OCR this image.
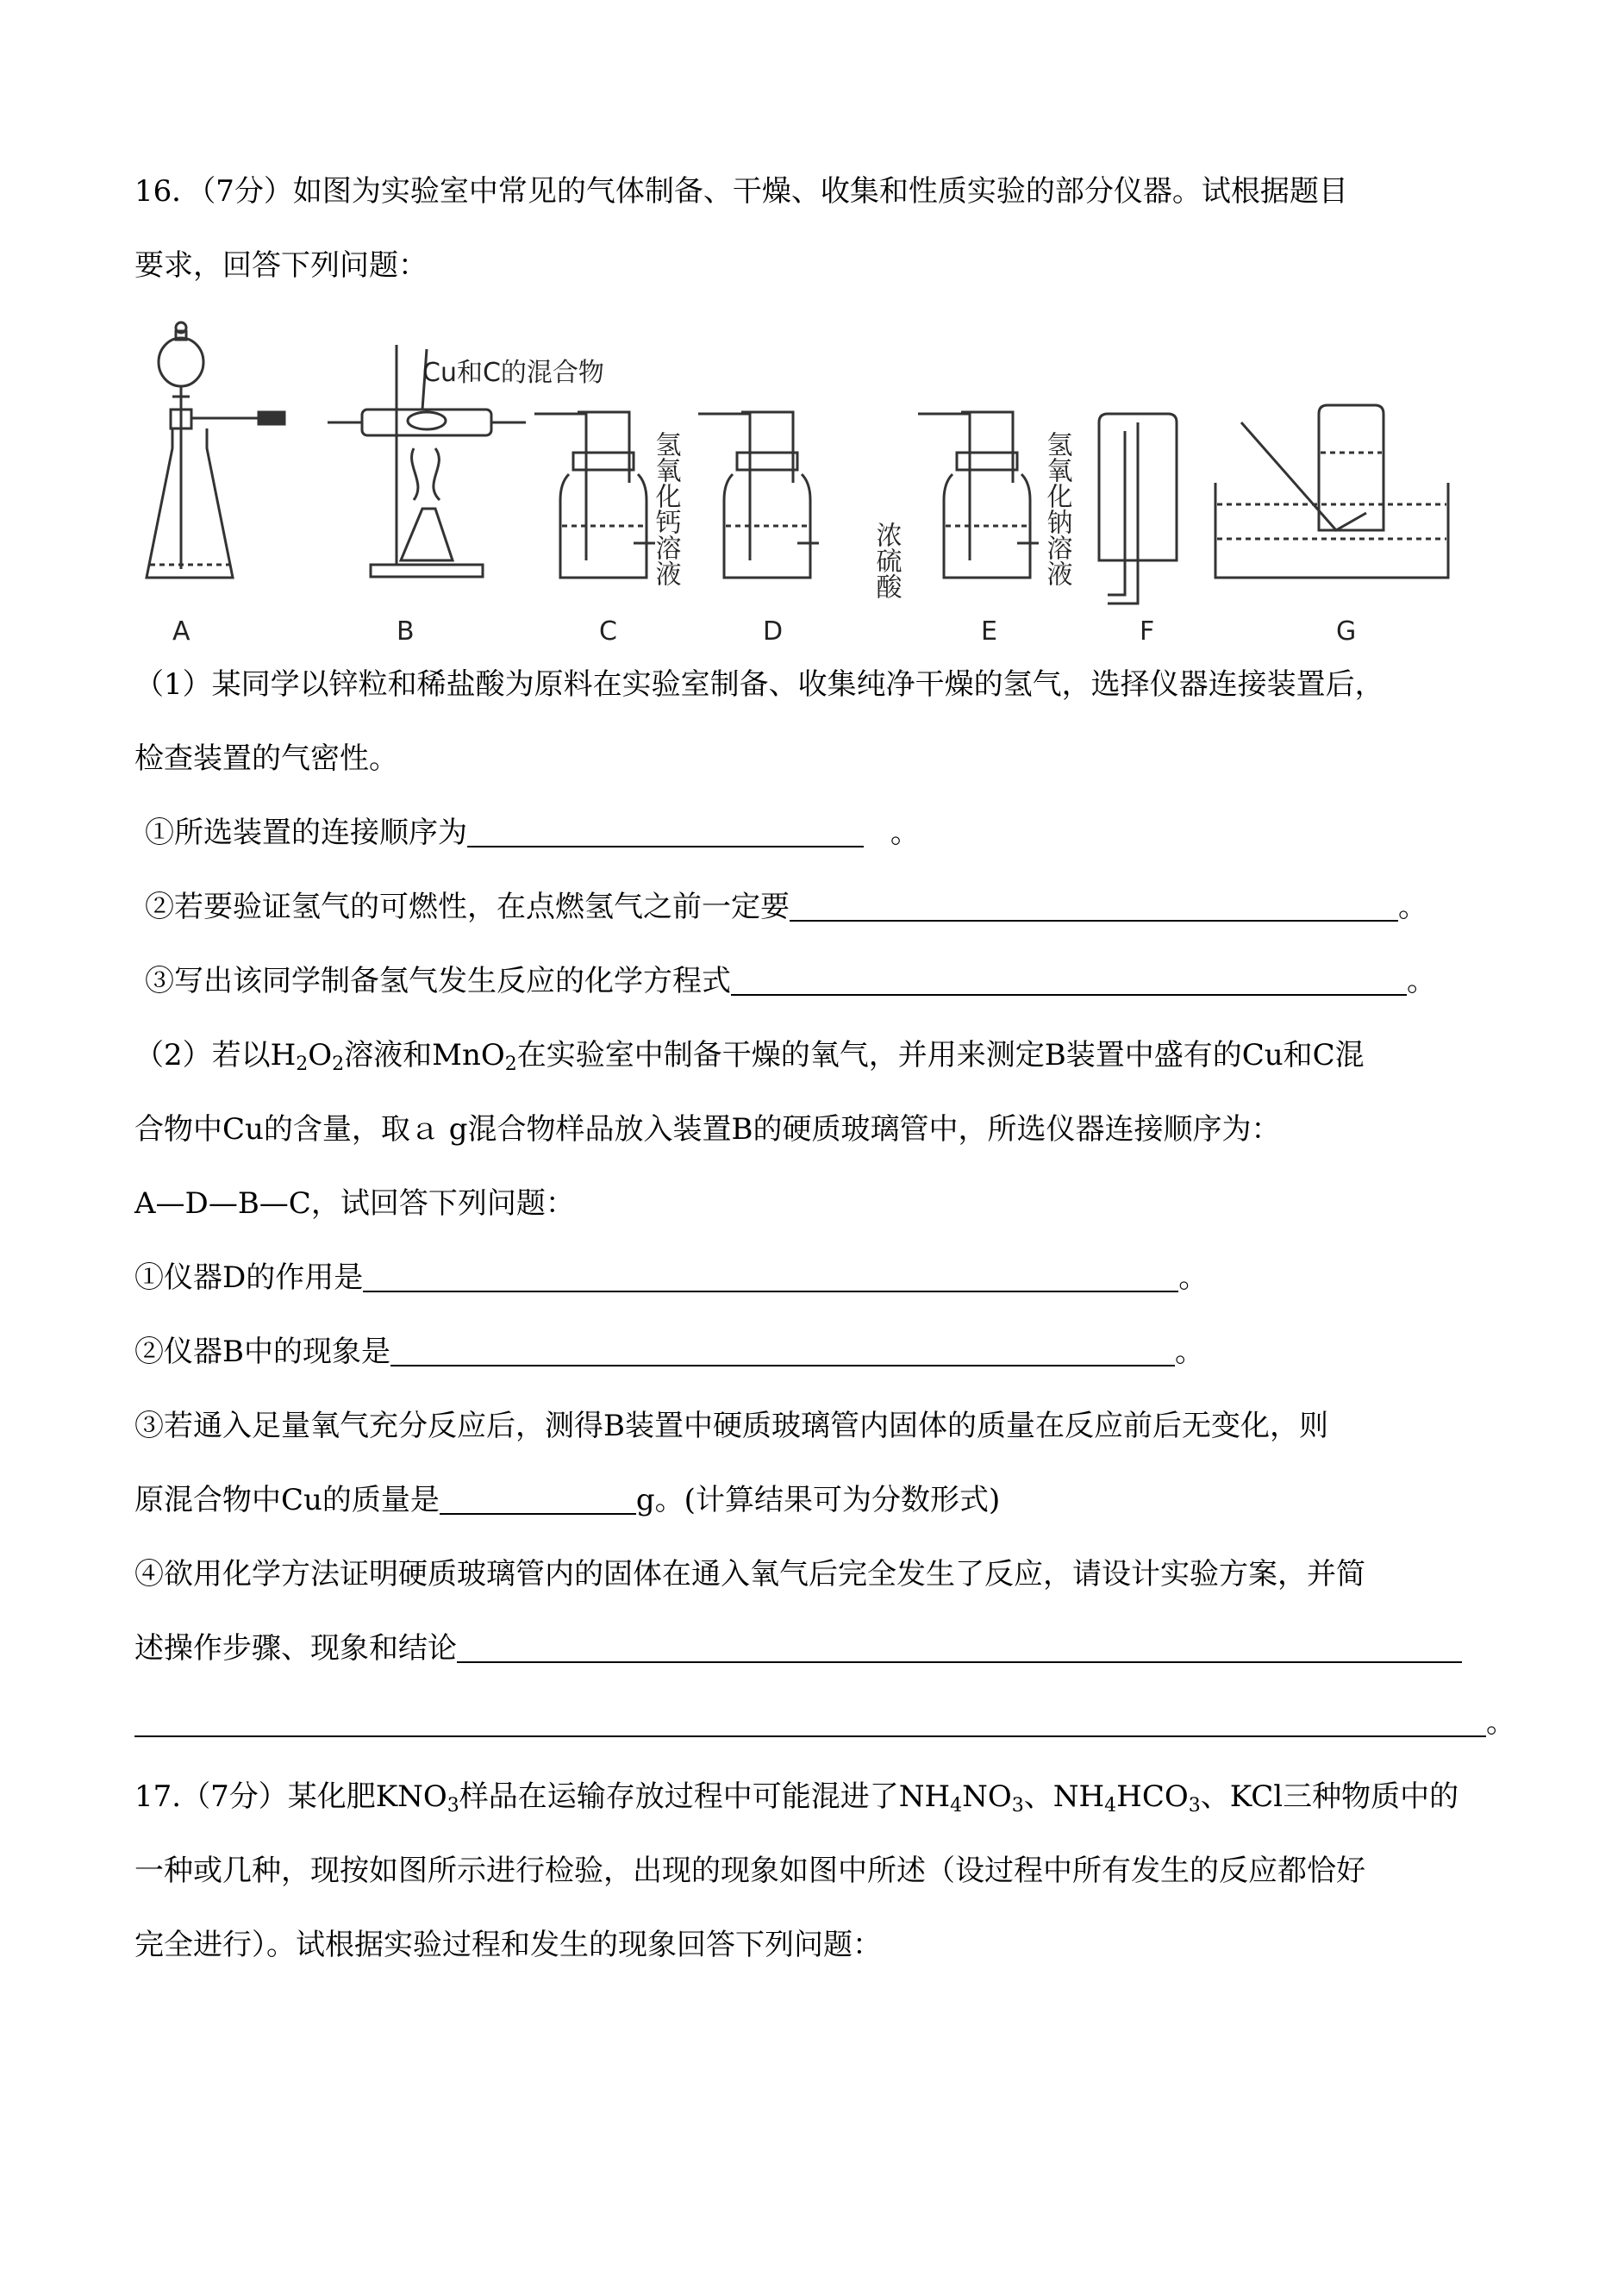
16．（7分）如图为实验室中常见的气体制备、干燥、收集和性质实验的部分仪器。试根据题目
要求，回答下列问题：
Cu和C的混合物
氢氧化钙溶液	浓硫酸	氢氧化钠溶液
A	B	C	D	E	F	G
（1）某同学以锌粒和稀盐酸为原料在实验室制备、收集纯净干燥的氢气，选择仪器连接装置后，
检查装置的气密性。
①所选装置的连接顺序为	。
②若要验证氢气的可燃性，在点燃氢气之前一定要	。
③写出该同学制备氢气发生反应的化学方程式	。
（2）若以$H_2O_2$溶液和MnO$_2$在实验室中制备干燥的氧气，并用来测定B装置中盛有的Cu和C混
合物中Cu的含量，取ａ g混合物样品放入装置B的硬质玻璃管中，所选仪器连接顺序为：
A—D—B—C，试回答下列问题：
①仪器D的作用是	。
②仪器B中的现象是	。
③若通入足量氧气充分反应后，测得B装置中硬质玻璃管内固体的质量在反应前后无变化，则
原混合物中Cu的质量是	g。(计算结果可为分数形式)
④欲用化学方法证明硬质玻璃管内的固体在通入氧气后完全发生了反应，请设计实验方案，并简
述操作步骤、现象和结论
。
17.（7分）某化肥$KNO_3$样品在运输存放过程中可能混进了$NH_4NO_3$、$NH_4HCO_3$、KCl三种物质中的
一种或几种，现按如图所示进行检验，出现的现象如图中所述（设过程中所有发生的反应都恰好
完全进行）。试根据实验过程和发生的现象回答下列问题：
